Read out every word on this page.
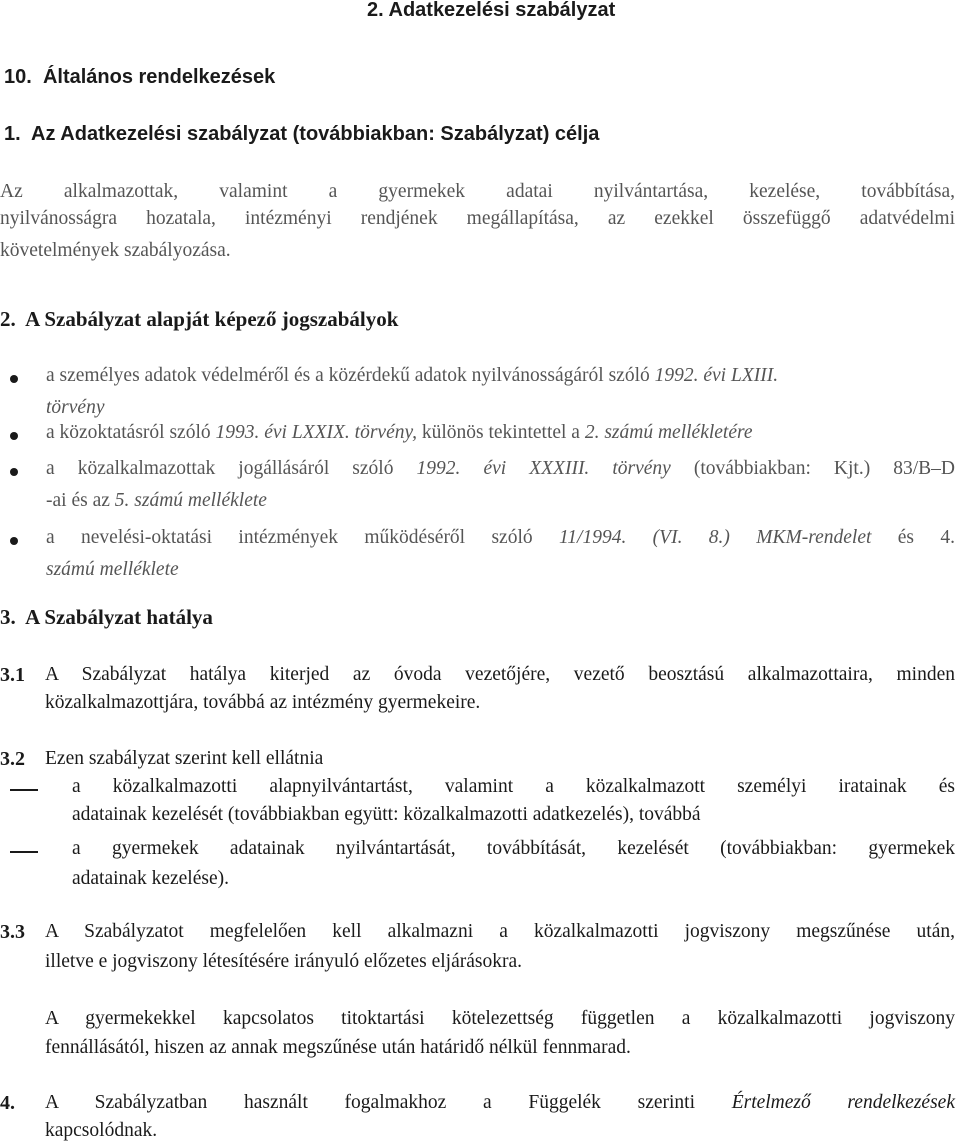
2. Adatkezelési szabályzat
10. Általános rendelkezések
1.  Az Adatkezelési szabályzat (továbbiakban: Szabályzat) célja
Az alkalmazottak, valamint a gyermekek adatai nyilvántartása, kezelése, továbbítása,
nyilvánosságra hozatala, intézményi rendjének megállapítása, az ezekkel összefüggő adatvédelmi
követelmények szabályozása.
2.  A Szabályzat alapját képező jogszabályok
a személyes adatok védelméről és a közérdekű adatok nyilvánosságáról szóló 1992. évi LXIII.
törvény
a közoktatásról szóló 1993. évi LXXIX. törvény, különös tekintettel a 2. számú mellékletére
a közalkalmazottak jogállásáról szóló 1992. évi XXXIII. törvény (továbbiakban: Kjt.) 83/B–D
-ai és az 5. számú melléklete
a nevelési-oktatási intézmények működéséről szóló 11/1994. (VI. 8.) MKM-rendelet és 4.
számú melléklete
3.  A Szabályzat hatálya
3.1 A Szabályzat hatálya kiterjed az óvoda vezetőjére, vezető beosztású alkalmazottaira, minden
közalkalmazottjára, továbbá az intézmény gyermekeire.
3.2 Ezen szabályzat szerint kell ellátnia
a közalkalmazotti alapnyilvántartást, valamint a közalkalmazott személyi iratainak és
adatainak kezelését (továbbiakban együtt: közalkalmazotti adatkezelés), továbbá
a gyermekek adatainak nyilvántartását, továbbítását, kezelését (továbbiakban: gyermekek
adatainak kezelése).
3.3 A Szabályzatot megfelelően kell alkalmazni a közalkalmazotti jogviszony megszűnése után,
illetve e jogviszony létesítésére irányuló előzetes eljárásokra.
A gyermekekkel kapcsolatos titoktartási kötelezettség független a közalkalmazotti jogviszony
fennállásától, hiszen az annak megszűnése után határidő nélkül fennmarad.
4. A Szabályzatban használt fogalmakhoz a Függelék szerinti Értelmező rendelkezések
kapcsolódnak.
